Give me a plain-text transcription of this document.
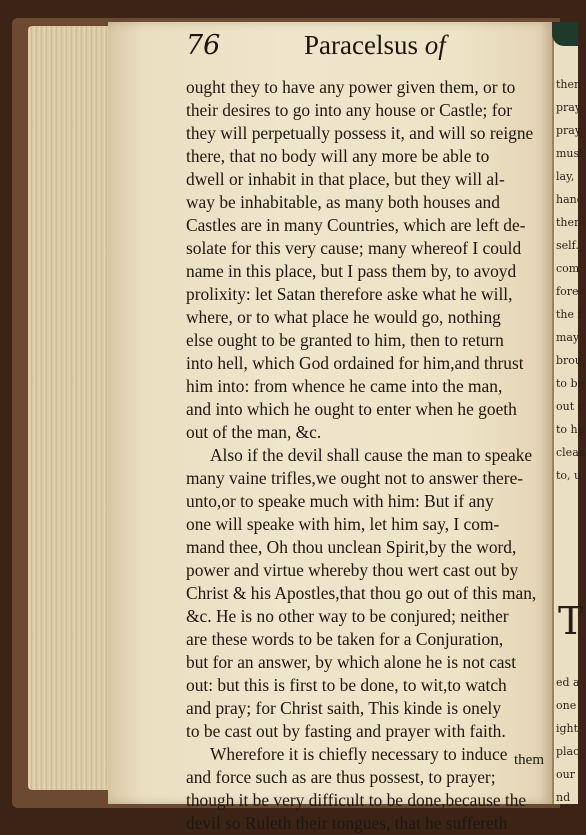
T
then
pray
pray
must
lay,
hanc
ther
self.
com
fore
the f
may
brou
to be
out c
to ha
clean
to, u
ed a
one
ight
plac
our
nd
76	Paracelsus of
ought they to have any power given them, or to
their desires to go into any house or Castle; for
they will perpetually possess it, and will so reigne
there, that no body will any more be able to
dwell or inhabit in that place, but they will al-
way be inhabitable, as many both houses and
Castles are in many Countries, which are left de-
solate for this very cause; many whereof I could
name in this place, but I pass them by, to avoyd
prolixity: let Satan therefore aske what he will,
where, or to what place he would go, nothing
else ought to be granted to him, then to return
into hell, which God ordained for him,and thrust
him into: from whence he came into the man,
and into which he ought to enter when he goeth
out of the man, &c.
Also if the devil shall cause the man to speake
many vaine trifles,we ought not to answer there-
unto,or to speake much with him: But if any
one will speake with him, let him say, I com-
mand thee, Oh thou unclean Spirit,by the word,
power and virtue whereby thou wert cast out by
Christ & his Apostles,that thou go out of this man,
&c. He is no other way to be conjured; neither
are these words to be taken for a Conjuration,
but for an answer, by which alone he is not cast
out: but this is first to be done, to wit,to watch
and pray; for Christ saith, This kinde is onely
to be cast out by fasting and prayer with faith.
Wherefore it is chiefly necessary to induce
and force such as are thus possest, to prayer;
though it be very difficult to be done,because the
devil so Ruleth their tongues, that he suffereth
them
